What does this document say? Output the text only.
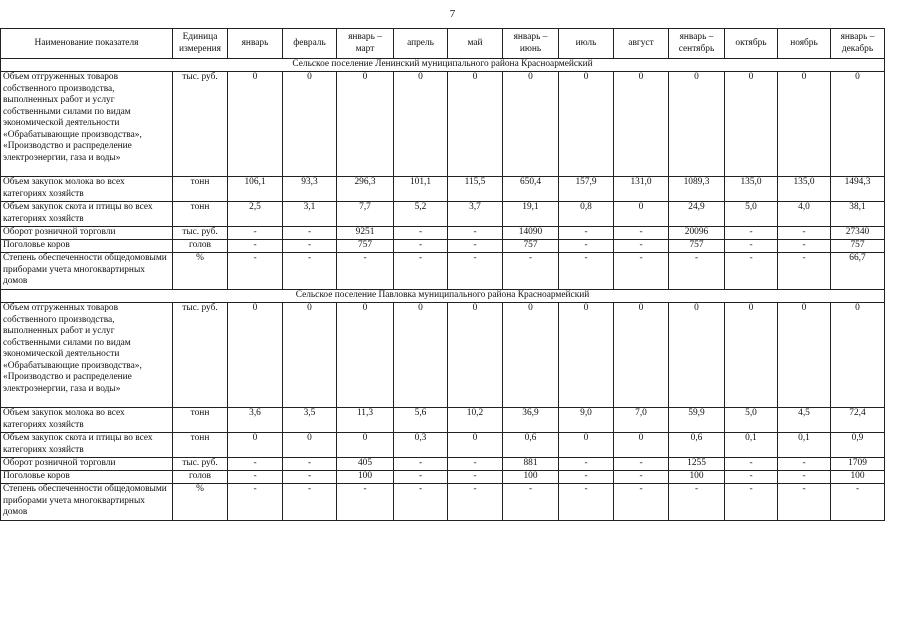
7
Наименование показателя	Единица измерения	январь	февраль	январь – март	апрель	май	январь – июнь	июль	август	январь – сентябрь	октябрь	ноябрь	январь – декабрь
Сельское поселение Ленинский муниципального района Красноармейский													
Объем отгруженных товаров собственного производства, выполненных работ и услуг собственными силами по видам экономической деятельности «Обрабатывающие производства», «Производство и распределение электроэнергии, газа и воды»	тыс. руб.	0	0	0	0	0	0	0	0	0	0	0	0
Объем закупок молока во всех категориях хозяйств	тонн	106,1	93,3	296,3	101,1	115,5	650,4	157,9	131,0	1089,3	135,0	135,0	1494,3
Объем закупок скота и птицы во всех категориях хозяйств	тонн	2,5	3,1	7,7	5,2	3,7	19,1	0,8	0	24,9	5,0	4,0	38,1
Оборот розничной торговли	тыс. руб.	-	-	9251	-	-	14090	-	-	20096	-	-	27340
Поголовье коров	голов	-	-	757	-	-	757	-	-	757	-	-	757
Степень обеспеченности общедомовыми приборами учета многоквартирных домов	%	-	-	-	-	-	-	-	-	-	-	-	66,7
Сельское поселение Павловка муниципального района Красноармейский													
Объем отгруженных товаров собственного производства, выполненных работ и услуг собственными силами по видам экономической деятельности «Обрабатывающие производства», «Производство и распределение электроэнергии, газа и воды»	тыс. руб.	0	0	0	0	0	0	0	0	0	0	0	0
Объем закупок молока во всех категориях хозяйств	тонн	3,6	3,5	11,3	5,6	10,2	36,9	9,0	7,0	59,9	5,0	4,5	72,4
Объем закупок скота и птицы во всех категориях хозяйств	тонн	0	0	0	0,3	0	0,6	0	0	0,6	0,1	0,1	0,9
Оборот розничной торговли	тыс. руб.	-	-	405	-	-	881	-	-	1255	-	-	1709
Поголовье коров	голов	-	-	100	-	-	100	-	-	100	-	-	100
Степень обеспеченности общедомовыми приборами учета многоквартирных домов	%	-	-	-	-	-	-	-	-	-	-	-	-
